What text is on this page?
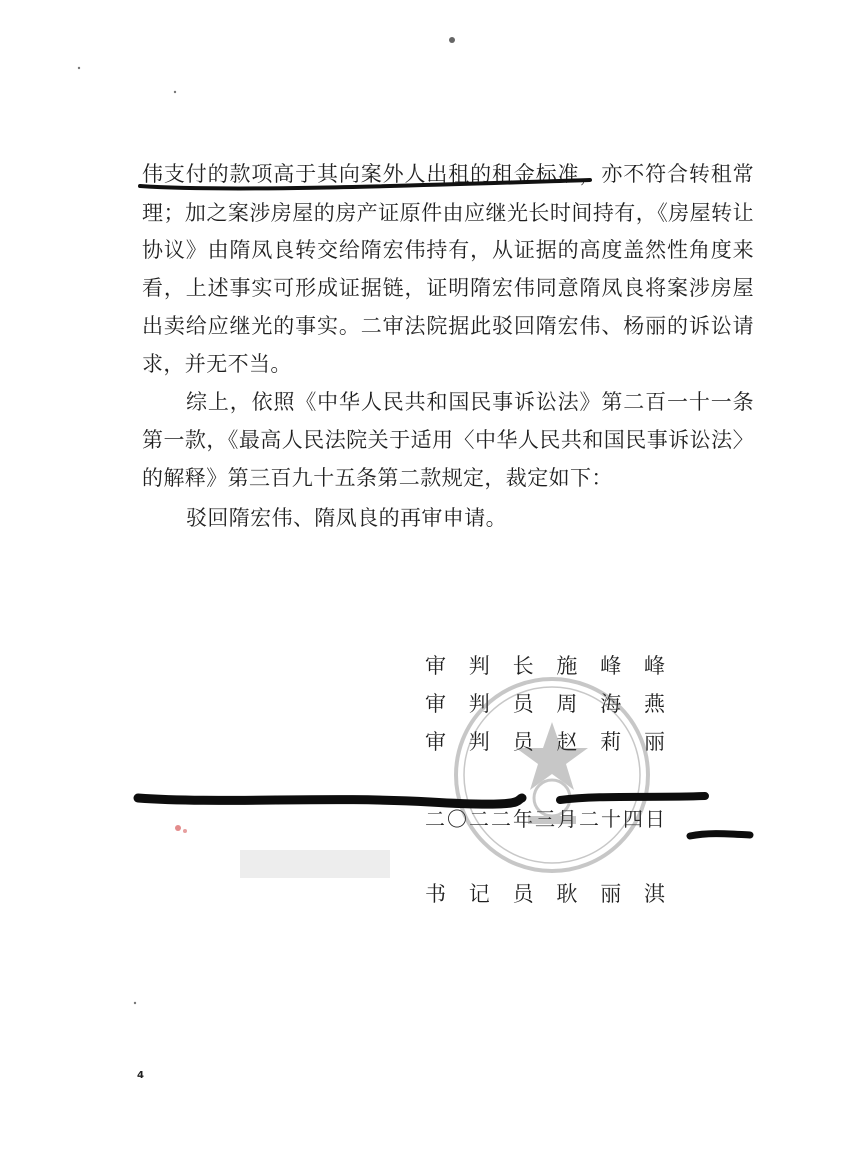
伟支付的款项高于其向案外人出租的租金标准，亦不符合转租常
理；加之案涉房屋的房产证原件由应继光长时间持有，《房屋转让
协议》由隋凤良转交给隋宏伟持有，从证据的高度盖然性角度来
看，上述事实可形成证据链，证明隋宏伟同意隋凤良将案涉房屋
出卖给应继光的事实。二审法院据此驳回隋宏伟、杨丽的诉讼请
求，并无不当。
综上，依照《中华人民共和国民事诉讼法》第二百一十一条
第一款，《最高人民法院关于适用〈中华人民共和国民事诉讼法〉
的解释》第三百九十五条第二款规定，裁定如下：
驳回隋宏伟、隋凤良的再审申请。
审判长施峰峰
审判员周海燕
审判员赵莉丽
二〇二二年三月二十四日
书记员耿丽淇
4
